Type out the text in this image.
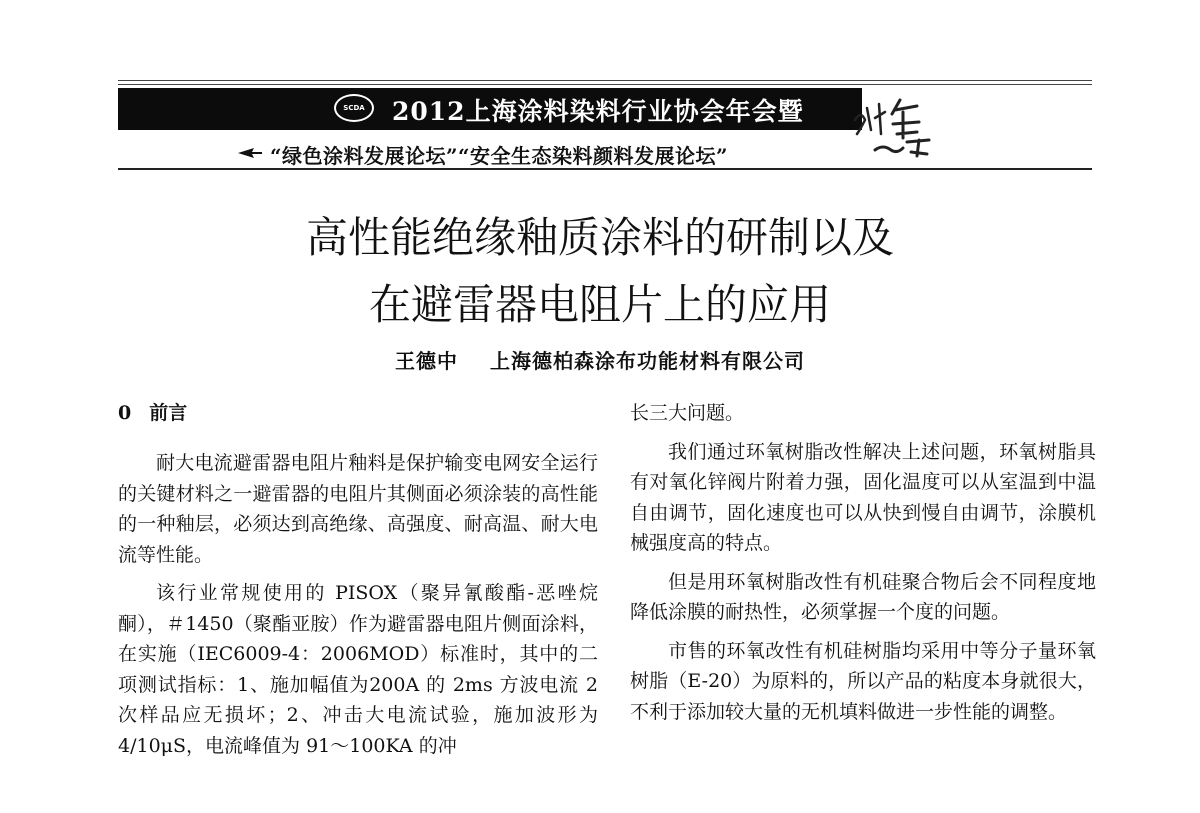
SCDA	2012上海涂料染料行业协会年会暨
“绿色涂料发展论坛”“安全生态染料颜料发展论坛”
高性能绝缘釉质涂料的研制以及
在避雷器电阻片上的应用
王德中 上海德柏森涂布功能材料有限公司
0 前言

耐大电流避雷器电阻片釉料是保护输变电网安全运行的关键材料之一避雷器的电阻片其侧面必须涂装的高性能的一种釉层，必须达到高绝缘、高强度、耐高温、耐大电流等性能。

该行业常规使用的 PISOX（聚异氰酸酯-恶唑烷酮），＃1450（聚酯亚胺）作为避雷器电阻片侧面涂料，在实施（IEC6009-4：2006MOD）标准时，其中的二项测试指标：1、施加幅值为200A 的 2ms 方波电流 2 次样品应无损坏；2、冲击大电流试验，施加波形为 4/10μS，电流峰值为 91～100KA 的冲

长三大问题。

我们通过环氧树脂改性解决上述问题，环氧树脂具有对氧化锌阀片附着力强，固化温度可以从室温到中温自由调节，固化速度也可以从快到慢自由调节，涂膜机械强度高的特点。

但是用环氧树脂改性有机硅聚合物后会不同程度地降低涂膜的耐热性，必须掌握一个度的问题。

市售的环氧改性有机硅树脂均采用中等分子量环氧树脂（E-20）为原料的，所以产品的粘度本身就很大，不利于添加较大量的无机填料做进一步性能的调整。
